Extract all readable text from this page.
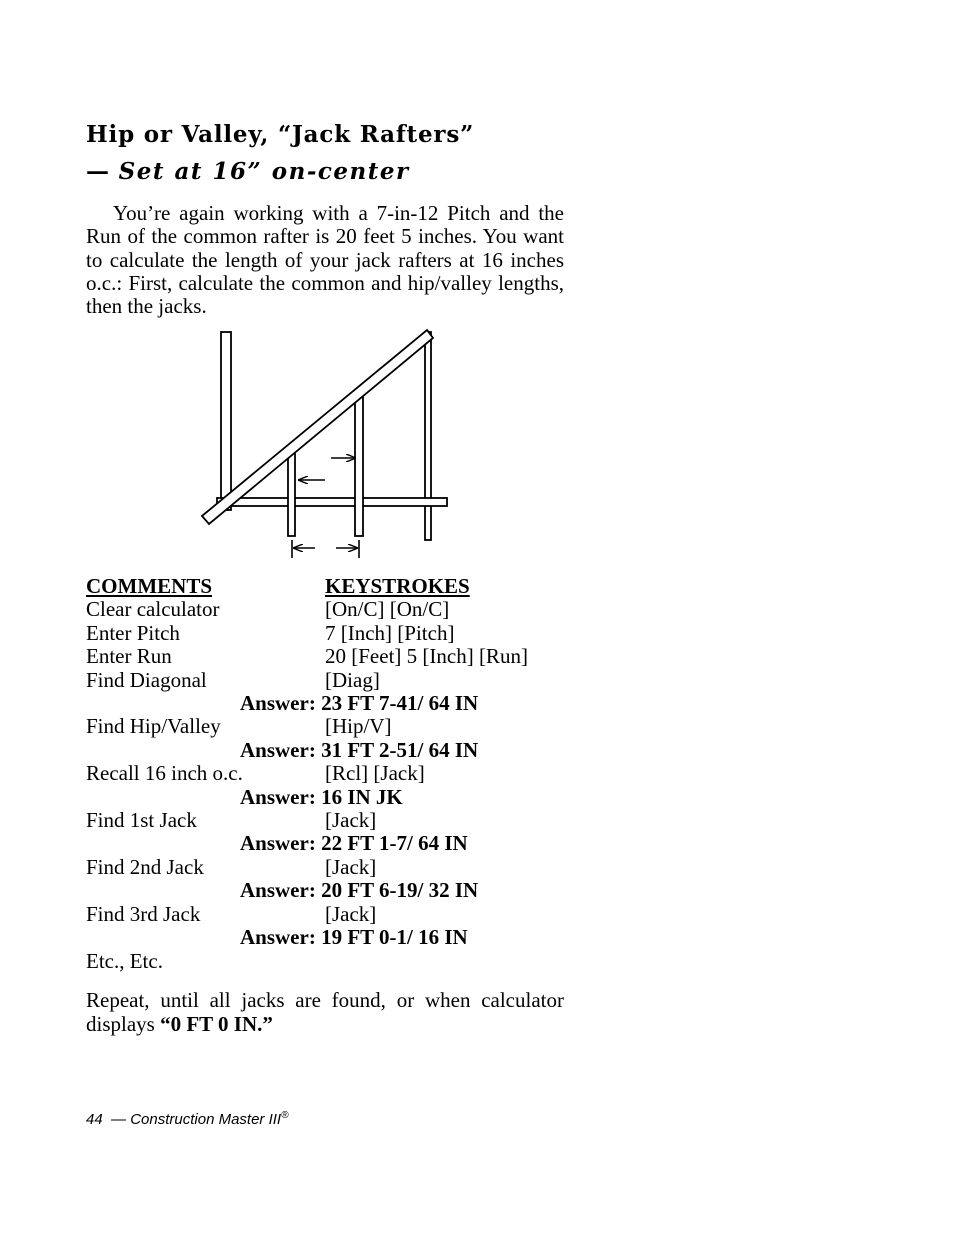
Hip or Valley, “Jack Rafters”
— Set at 16” on-center

You’re again working with a 7-in-12 Pitch and the Run of the common rafter is 20 feet 5 inches. You want to calculate the length of your jack rafters at 16 inches o.c.: First, calculate the common and hip/valley lengths, then the jacks.

COMMENTS	KEYSTROKES
Clear calculator	[On/C] [On/C]
Enter Pitch	7 [Inch] [Pitch]
Enter Run	20 [Feet] 5 [Inch] [Run]
Find Diagonal	[Diag]
Answer: 23 FT 7-41/ 64 IN
Find Hip/Valley	[Hip/V]
Answer: 31 FT 2-51/ 64 IN
Recall 16 inch o.c.	[Rcl] [Jack]
Answer: 16 IN JK
Find 1st Jack	[Jack]
Answer: 22 FT 1-7/ 64 IN
Find 2nd Jack	[Jack]
Answer: 20 FT 6-19/ 32 IN
Find 3rd Jack	[Jack]
Answer: 19 FT 0-1/ 16 IN
Etc., Etc.

Repeat, until all jacks are found, or when calculator displays “0 FT 0 IN.”

44 — Construction Master III®
